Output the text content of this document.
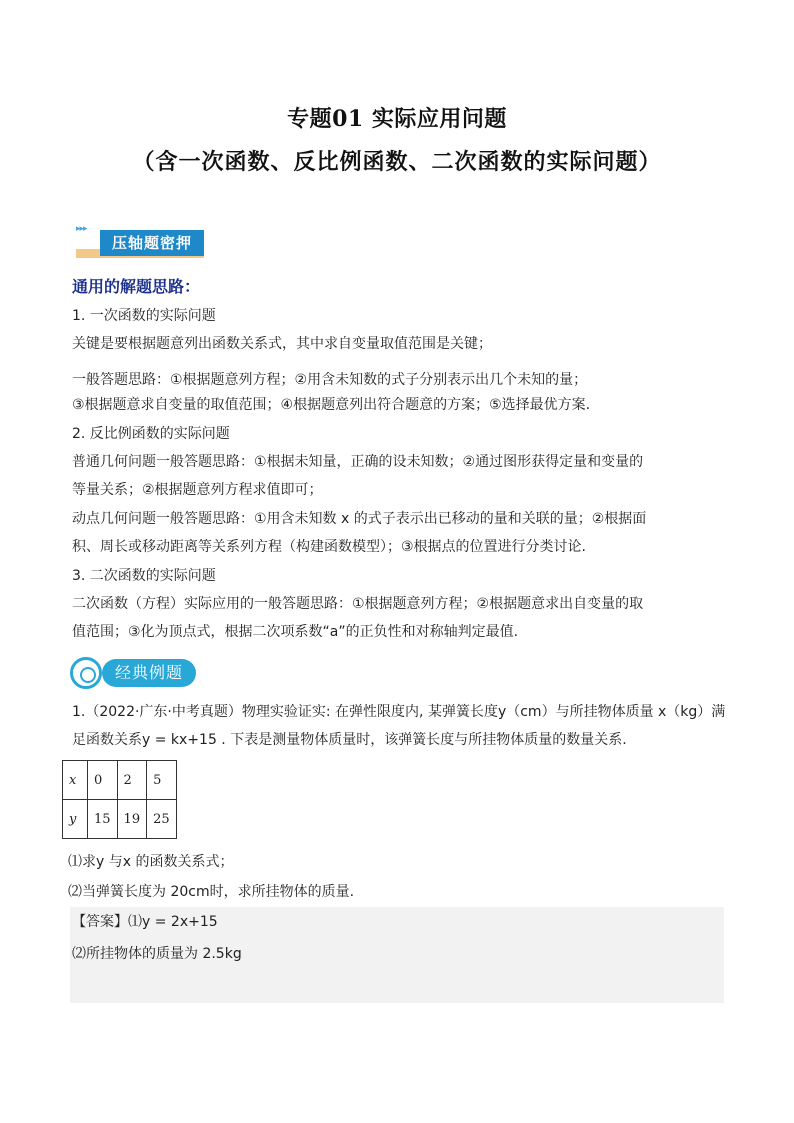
专题01 实际应用问题
（含一次函数、反比例函数、二次函数的实际问题）
▸▸▸
压轴题密押
通用的解题思路：
1. 一次函数的实际问题
关键是要根据题意列出函数关系式，其中求自变量取值范围是关键；
一般答题思路：①根据题意列方程；②用含未知数的式子分别表示出几个未知的量；
③根据题意求自变量的取值范围；④根据题意列出符合题意的方案；⑤选择最优方案.
2. 反比例函数的实际问题
普通几何问题一般答题思路：①根据未知量，正确的设未知数；②通过图形获得定量和变量的
等量关系；②根据题意列方程求值即可；
动点几何问题一般答题思路：①用含未知数 x 的式子表示出已移动的量和关联的量；②根据面
积、周长或移动距离等关系列方程（构建函数模型）；③根据点的位置进行分类讨论.
3. 二次函数的实际问题
二次函数（方程）实际应用的一般答题思路：①根据题意列方程；②根据题意求出自变量的取
值范围；③化为顶点式，根据二次项系数“a”的正负性和对称轴判定最值.
经典例题
1.（2022·广东·中考真题）物理实验证实: 在弹性限度内, 某弹簧长度y（cm）与所挂物体质量 x（kg）满
足函数关系y = kx+15 . 下表是测量物体质量时，该弹簧长度与所挂物体质量的数量关系.
x	0	2	5
y	15	19	25
⑴求y 与x 的函数关系式；
⑵当弹簧长度为 20cm时，求所挂物体的质量.
【答案】⑴y = 2x+15
⑵所挂物体的质量为 2.5kg
